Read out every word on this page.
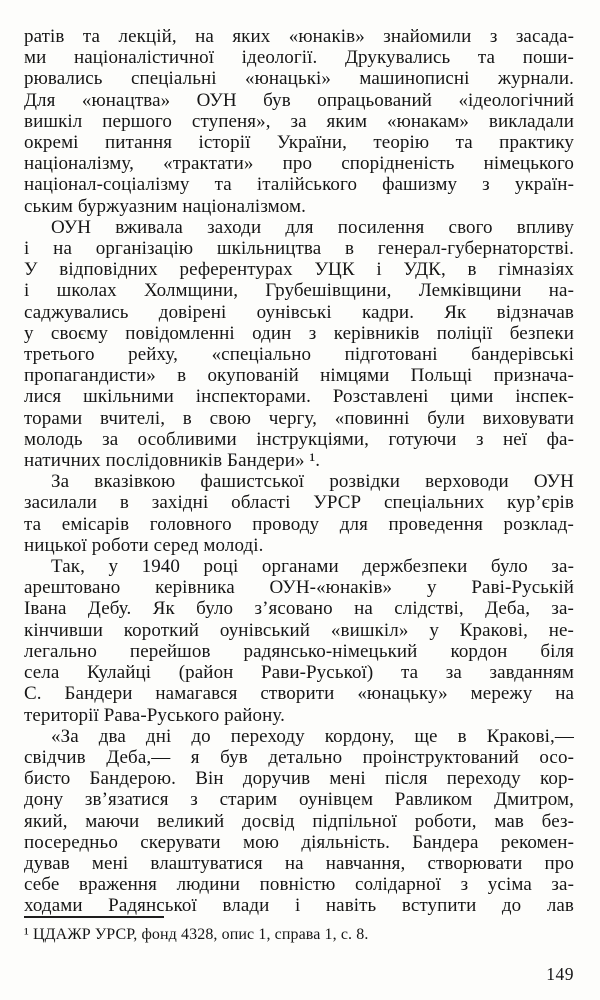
ратів та лекцій, на яких «юнаків» знайомили з засада-
ми націоналістичної ідеології. Друкувались та поши-
рювались спеціальні «юнацькі» машинописні журнали.
Для «юнацтва» ОУН був опрацьований «ідеологічний
вишкіл першого ступеня», за яким «юнакам» викладали
окремі питання історії України, теорію та практику
націоналізму, «трактати» про спорідненість німецького
націонал-соціалізму та італійського фашизму з україн-
ським буржуазним націоналізмом.
ОУН вживала заходи для посилення свого впливу
і на організацію шкільництва в генерал-губернаторстві.
У відповідних референтурах УЦК і УДК, в гімназіях
і школах Холмщини, Грубешівщини, Лемківщини на-
саджувались довірені оунівські кадри. Як відзначав
у своєму повідомленні один з керівників поліції безпеки
третього рейху, «спеціально підготовані бандерівські
пропагандисти» в окупованій німцями Польщі признача-
лися шкільними інспекторами. Розставлені цими інспек-
торами вчителі, в свою чергу, «повинні були виховувати
молодь за особливими інструкціями, готуючи з неї фа-
натичних послідовників Бандери» ¹.
За вказівкою фашистської розвідки верховоди ОУН
засилали в західні області УРСР спеціальних кур’єрів
та емісарів головного проводу для проведення розклад-
ницької роботи серед молоді.
Так, у 1940 році органами держбезпеки було за-
арештовано керівника ОУН-«юнаків» у Раві-Руській
Івана Дебу. Як було з’ясовано на слідстві, Деба, за-
кінчивши короткий оунівський «вишкіл» у Кракові, не-
легально перейшов радянсько-німецький кордон біля
села Кулайці (район Рави-Руської) та за завданням
С. Бандери намагався створити «юнацьку» мережу на
території Рава-Руського району.
«За два дні до переходу кордону, ще в Кракові,—
свідчив Деба,— я був детально проінструктований осо-
бисто Бандерою. Він доручив мені після переходу кор-
дону зв’язатися з старим оунівцем Равликом Дмитром,
який, маючи великий досвід підпільної роботи, мав без-
посередньо скерувати мою діяльність. Бандера рекомен-
дував мені влаштуватися на навчання, створювати про
себе враження людини повністю солідарної з усіма за-
ходами Радянської влади і навіть вступити до лав
¹ ЦДАЖР УРСР, фонд 4328, опис 1, справа 1, с. 8.
149
